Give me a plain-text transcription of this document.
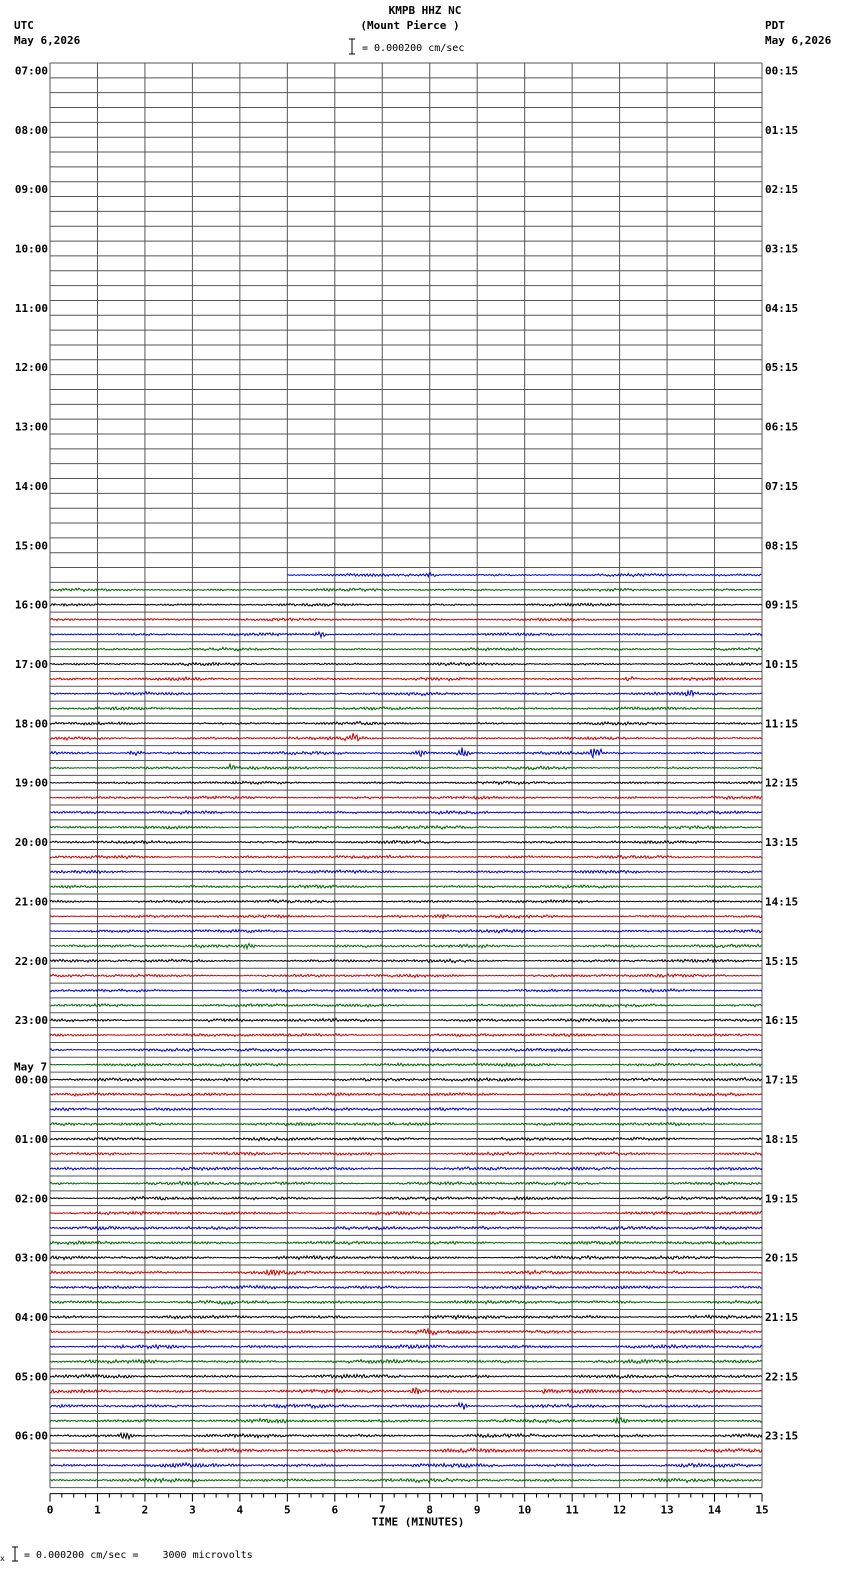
KMPB HHZ NC
(Mount Pierce )
= 0.000200 cm/sec
UTC
May 6,2026
PDT
May 6,2026
07:00	00:15
08:00	01:15
09:00	02:15
10:00	03:15
11:00	04:15
12:00	05:15
13:00	06:15
14:00	07:15
15:00	08:15
16:00	09:15
17:00	10:15
18:00	11:15
19:00	12:15
20:00	13:15
21:00	14:15
22:00	15:15
23:00	16:15
00:00	17:15
01:00	18:15
02:00	19:15
03:00	20:15
04:00	21:15
05:00	22:15
06:00	23:15
May 7
0	1	2	3	4	5	6	7	8	9	10	11	12	13	14	15
TIME (MINUTES)
x = 0.000200 cm/sec =    3000 microvolts
